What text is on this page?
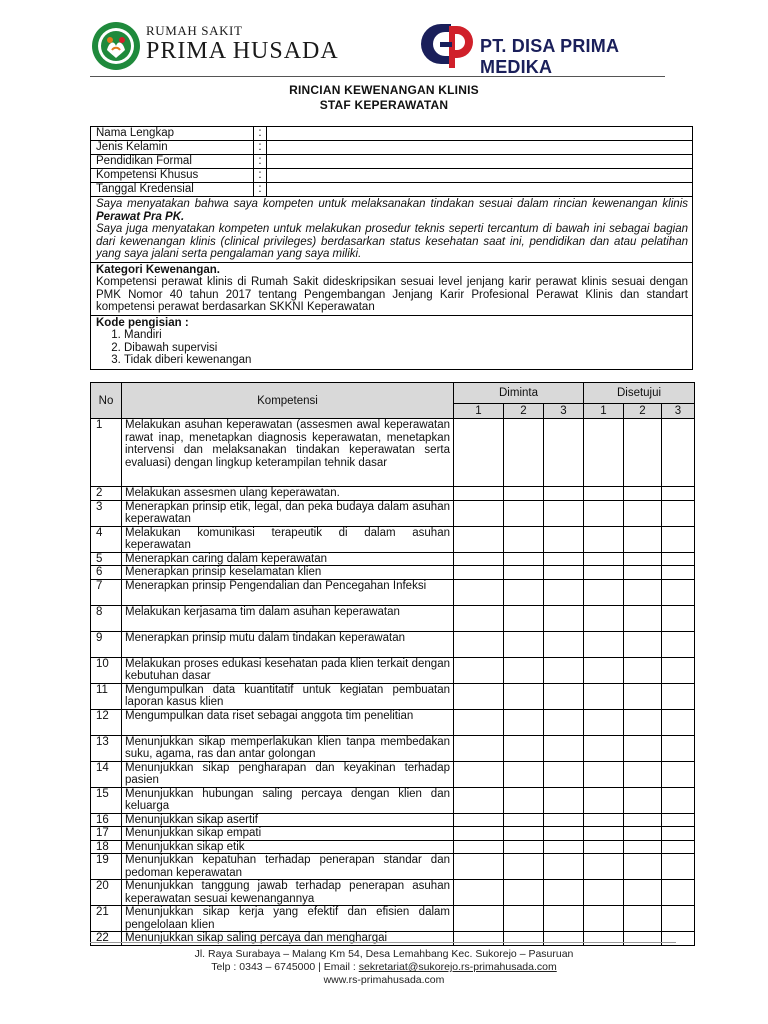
RUMAH SAKIT
PRIMA HUSADA	PT. DISA PRIMA MEDIKA
RINCIAN KEWENANGAN KLINIS
STAF KEPERAWATAN
Nama Lengkap	:
Jenis Kelamin	:
Pendidikan Formal	:
Kompetensi Khusus	:
Tanggal Kredensial	:
Saya menyatakan bahwa saya kompeten untuk melaksanakan tindakan sesuai dalam rincian kewenangan klinis Perawat Pra PK.
Saya juga menyatakan kompeten untuk melakukan prosedur teknis seperti tercantum di bawah ini sebagai bagian dari kewenangan klinis (clinical privileges) berdasarkan status kesehatan saat ini, pendidikan dan atau pelatihan yang saya jalani serta pengalaman yang saya miliki.
Kategori Kewenangan.
Kompetensi perawat klinis di Rumah Sakit dideskripsikan sesuai level jenjang karir perawat klinis sesuai dengan PMK Nomor 40 tahun 2017 tentang Pengembangan Jenjang Karir Profesional Perawat Klinis dan standart kompetensi perawat berdasarkan SKKNI Keperawatan
Kode pengisian :
1. Mandiri
2. Dibawah supervisi
3. Tidak diberi kewenangan
No	Kompetensi	Diminta			Disetujui		
		1	2	3	1	2	3
1	Melakukan asuhan keperawatan (assesmen awal keperawatan rawat inap, menetapkan diagnosis keperawatan, menetapkan intervensi dan melaksanakan tindakan keperawatan serta evaluasi) dengan lingkup keterampilan tehnik dasar						
2	Melakukan assesmen ulang keperawatan.						
3	Menerapkan prinsip etik, legal, dan peka budaya dalam asuhan keperawatan						
4	Melakukan komunikasi terapeutik di dalam asuhan keperawatan						
5	Menerapkan caring dalam keperawatan						
6	Menerapkan prinsip keselamatan klien						
7	Menerapkan prinsip Pengendalian dan Pencegahan Infeksi						
8	Melakukan kerjasama tim dalam asuhan keperawatan						
9	Menerapkan prinsip mutu dalam tindakan keperawatan						
10	Melakukan proses edukasi kesehatan pada klien terkait dengan kebutuhan dasar						
11	Mengumpulkan data kuantitatif untuk kegiatan pembuatan laporan kasus klien						
12	Mengumpulkan data riset sebagai anggota tim penelitian						
13	Menunjukkan sikap memperlakukan klien tanpa membedakan suku, agama, ras dan antar golongan						
14	Menunjukkan sikap pengharapan dan keyakinan terhadap pasien						
15	Menunjukkan hubungan saling percaya dengan klien dan keluarga						
16	Menunjukkan sikap asertif						
17	Menunjukkan sikap empati						
18	Menunjukkan sikap etik						
19	Menunjukkan kepatuhan terhadap penerapan standar dan pedoman keperawatan						
20	Menunjukkan tanggung jawab terhadap penerapan asuhan keperawatan sesuai kewenangannya						
21	Menunjukkan sikap kerja yang efektif dan efisien dalam pengelolaan klien						
22	Menunjukkan sikap saling percaya dan menghargai						
Jl. Raya Surabaya – Malang Km 54, Desa Lemahbang Kec. Sukorejo – Pasuruan
Telp : 0343 – 6745000 | Email : sekretariat@sukorejo.rs-primahusada.com
www.rs-primahusada.com
